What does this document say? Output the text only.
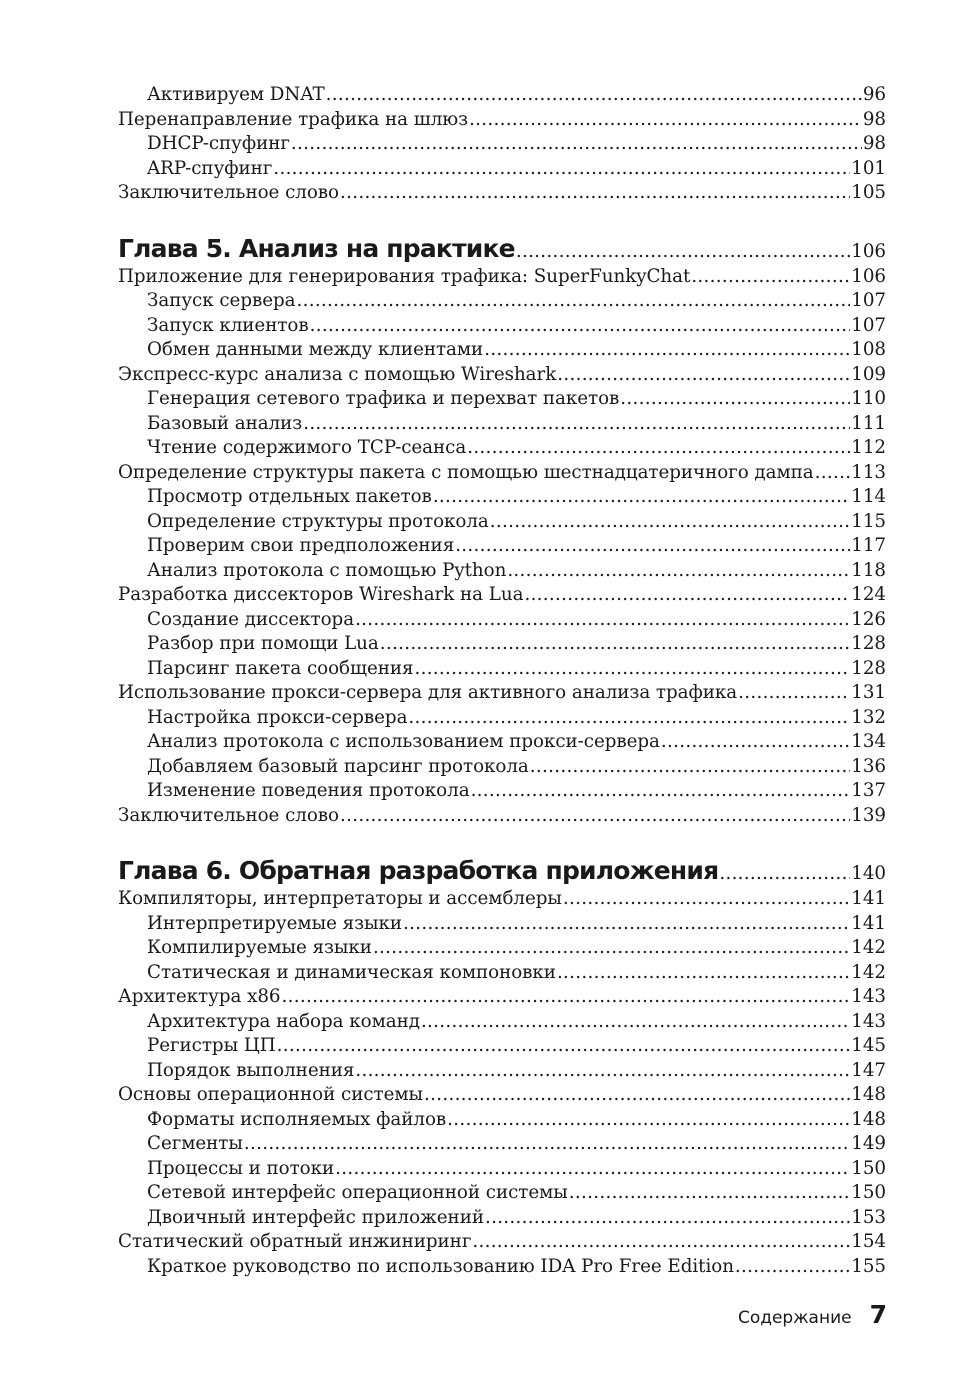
Активируем DNAT .....	96
Перенаправление трафика на шлюз .....	98
DHCP-спуфинг .....	98
ARP-спуфинг .....	101
Заключительное слово .....	105
Глава 5. Анализ на практике .....	106
Приложение для генерирования трафика: SuperFunkyChat .....	106
Запуск сервера .....	107
Запуск клиентов .....	107
Обмен данными между клиентами .....	108
Экспресс-курс анализа с помощью Wireshark .....	109
Генерация сетевого трафика и перехват пакетов .....	110
Базовый анализ .....	111
Чтение содержимого TCP-сеанса .....	112
Определение структуры пакета с помощью шестнадцатеричного дампа ..... 113
Просмотр отдельных пакетов .....	114
Определение структуры протокола .....	115
Проверим свои предположения .....	117
Анализ протокола с помощью Python .....	118
Разработка диссекторов Wireshark на Lua .....	124
Создание диссектора .....	126
Разбор при помощи Lua .....	128
Парсинг пакета сообщения .....	128
Использование прокси-сервера для активного анализа трафика .....	131
Настройка прокси-сервера .....	132
Анализ протокола с использованием прокси-сервера .....	134
Добавляем базовый парсинг протокола .....	136
Изменение поведения протокола .....	137
Заключительное слово .....	139
Глава 6. Обратная разработка приложения .....	140
Компиляторы, интерпретаторы и ассемблеры .....	141
Интерпретируемые языки .....	141
Компилируемые языки .....	142
Статическая и динамическая компоновки .....	142
Архитектура x86 .....	143
Архитектура набора команд .....	143
Регистры ЦП .....	145
Порядок выполнения .....	147
Основы операционной системы .....	148
Форматы исполняемых файлов .....	148
Сегменты .....	149
Процессы и потоки .....	150
Сетевой интерфейс операционной системы .....	150
Двоичный интерфейс приложений .....	153
Статический обратный инжиниринг .....	154
Краткое руководство по использованию IDA Pro Free Edition .....	155
Содержание 7
